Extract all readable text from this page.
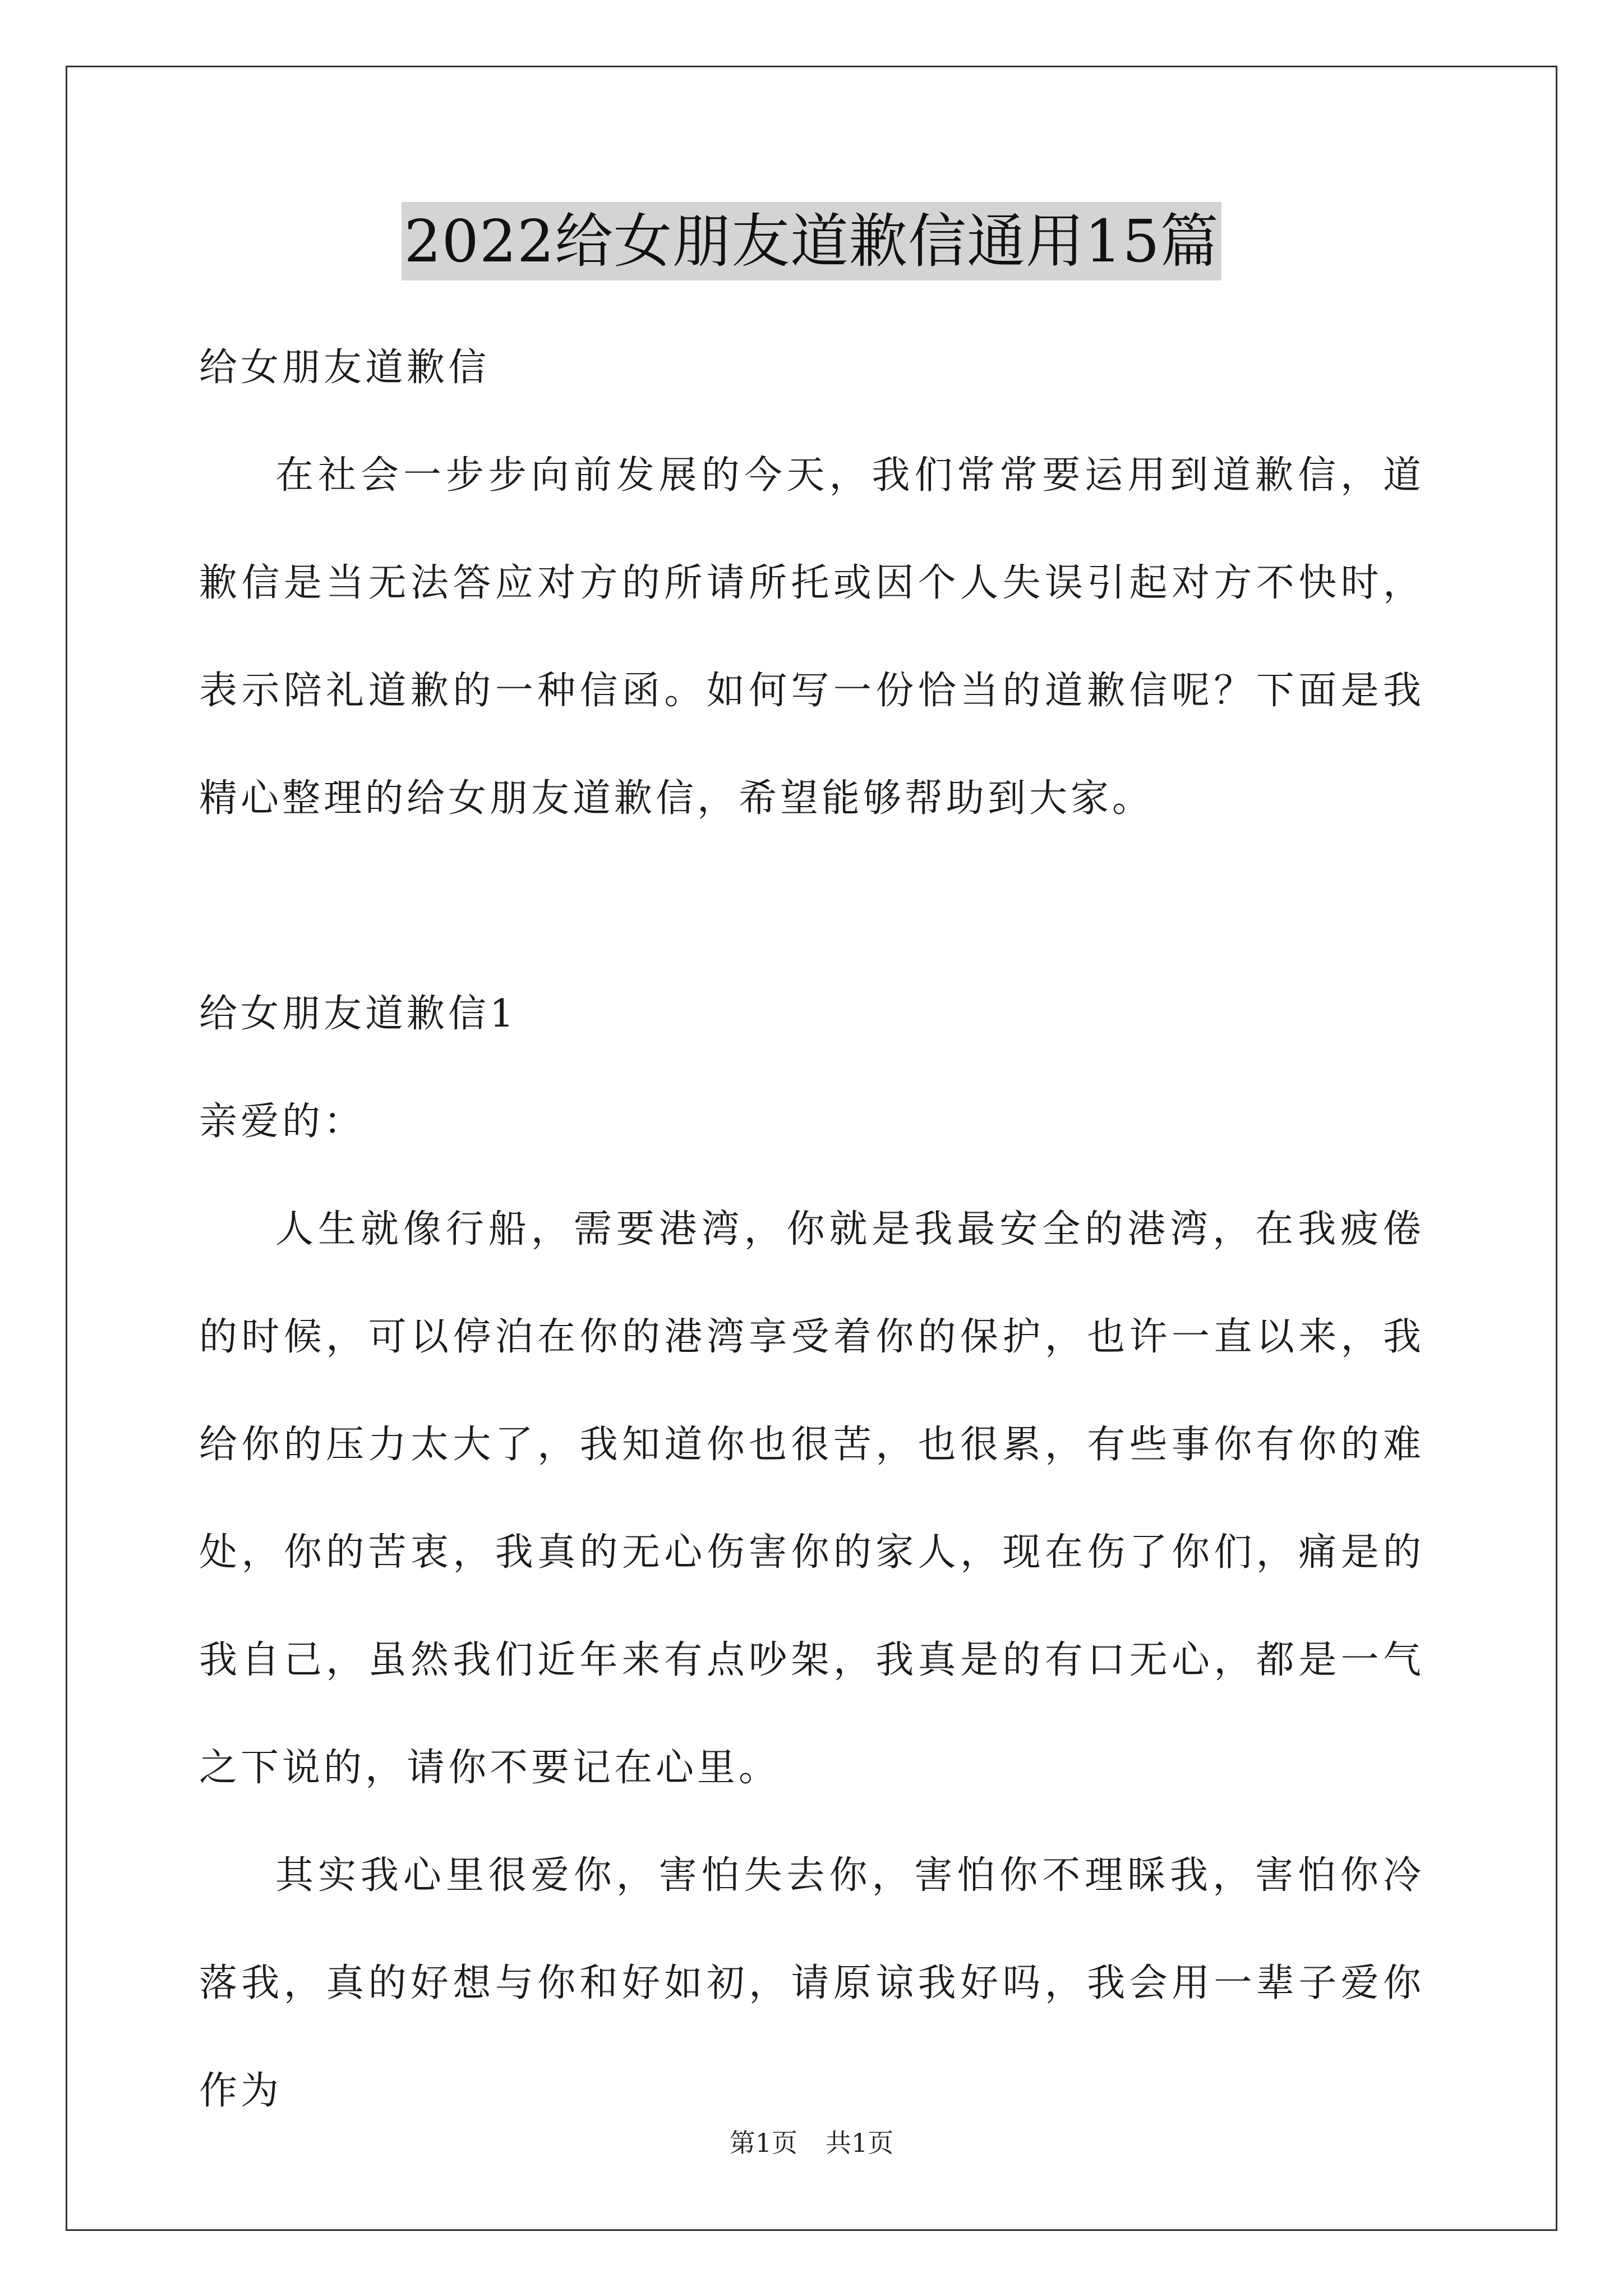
2022给女朋友道歉信通用15篇

给女朋友道歉信

在社会一步步向前发展的今天，我们常常要运用到道歉信，道歉信是当无法答应对方的所请所托或因个人失误引起对方不快时，表示陪礼道歉的一种信函。如何写一份恰当的道歉信呢？下面是我精心整理的给女朋友道歉信，希望能够帮助到大家。

给女朋友道歉信1

亲爱的：

人生就像行船，需要港湾，你就是我最安全的港湾，在我疲倦的时候，可以停泊在你的港湾享受着你的保护，也许一直以来，我给你的压力太大了，我知道你也很苦，也很累，有些事你有你的难处，你的苦衷，我真的无心伤害你的家人，现在伤了你们，痛是的我自己，虽然我们近年来有点吵架，我真是的有口无心，都是一气之下说的，请你不要记在心里。

其实我心里很爱你，害怕失去你，害怕你不理睬我，害怕你冷落我，真的好想与你和好如初，请原谅我好吗，我会用一辈子爱你作为

第1页 共1页
